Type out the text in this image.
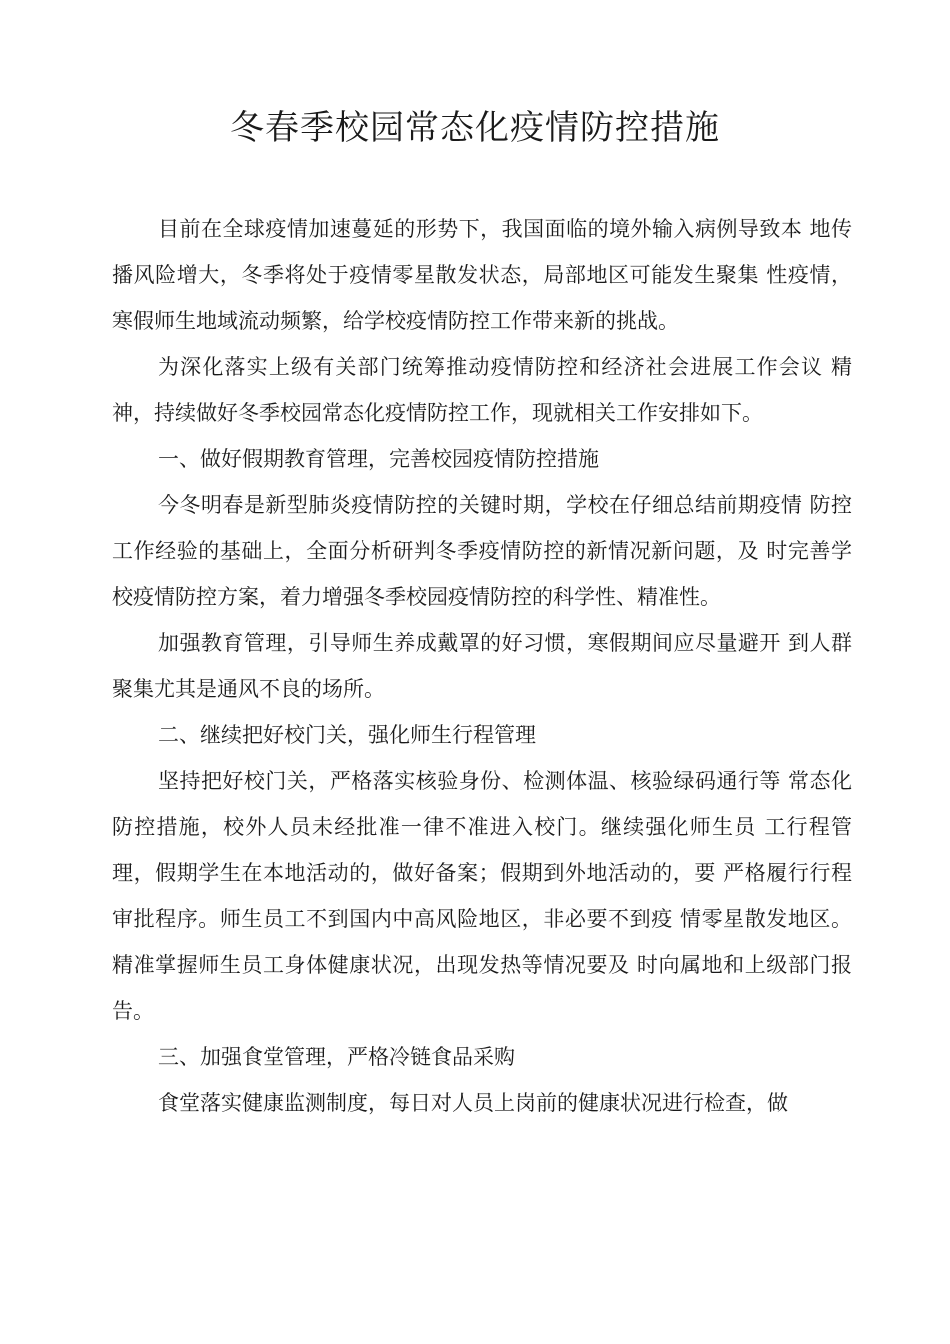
冬春季校园常态化疫情防控措施

目前在全球疫情加速蔓延的形势下，我国面临的境外输入病例导致本 地传播风险增大，冬季将处于疫情零星散发状态，局部地区可能发生聚集 性疫情，寒假师生地域流动频繁，给学校疫情防控工作带来新的挑战。

为深化落实上级有关部门统筹推动疫情防控和经济社会进展工作会议 精神，持续做好冬季校园常态化疫情防控工作，现就相关工作安排如下。

一、做好假期教育管理，完善校园疫情防控措施

今冬明春是新型肺炎疫情防控的关键时期，学校在仔细总结前期疫情 防控工作经验的基础上，全面分析研判冬季疫情防控的新情况新问题，及 时完善学校疫情防控方案，着力增强冬季校园疫情防控的科学性、精准性。

加强教育管理，引导师生养成戴罩的好习惯，寒假期间应尽量避开 到人群聚集尤其是通风不良的场所。

二、继续把好校门关，强化师生行程管理

坚持把好校门关，严格落实核验身份、检测体温、核验绿码通行等 常态化防控措施，校外人员未经批准一律不准进入校门。继续强化师生员 工行程管理，假期学生在本地活动的，做好备案；假期到外地活动的，要 严格履行行程审批程序。师生员工不到国内中高风险地区，非必要不到疫 情零星散发地区。精准掌握师生员工身体健康状况，出现发热等情况要及 时向属地和上级部门报告。

三、加强食堂管理，严格冷链食品采购

食堂落实健康监测制度，每日对人员上岗前的健康状况进行检查，做
